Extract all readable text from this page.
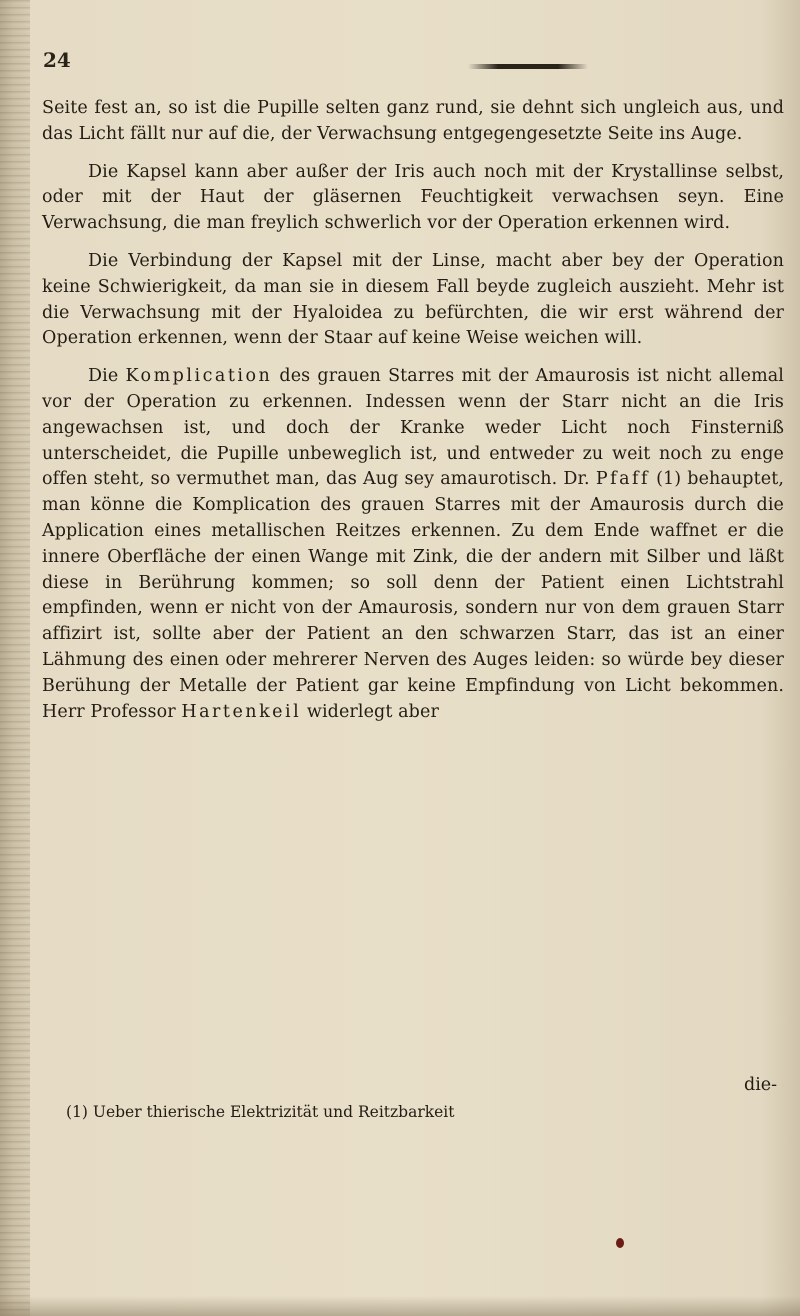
24

Seite fest an, so ist die Pupille selten ganz rund, sie dehnt sich ungleich aus, und das Licht fällt nur auf die, der Verwachsung entgegengesetzte Seite ins Auge.

Die Kapsel kann aber außer der Iris auch noch mit der Krystallinse selbst, oder mit der Haut der gläsernen Feuchtigkeit verwachsen seyn. Eine Verwachsung, die man freylich schwerlich vor der Operation erkennen wird.

Die Verbindung der Kapsel mit der Linse, macht aber bey der Operation keine Schwierigkeit, da man sie in diesem Fall beyde zugleich auszieht. Mehr ist die Verwachsung mit der Hyaloidea zu befürchten, die wir erst während der Operation erkennen, wenn der Staar auf keine Weise weichen will.

Die Komplication des grauen Starres mit der Amaurosis ist nicht allemal vor der Operation zu erkennen. Indessen wenn der Starr nicht an die Iris angewachsen ist, und doch der Kranke weder Licht noch Finsterniß unterscheidet, die Pupille unbeweglich ist, und entweder zu weit noch zu enge offen steht, so vermuthet man, das Aug sey amaurotisch. Dr. Pfaff (1) behauptet, man könne die Komplication des grauen Starres mit der Amaurosis durch die Application eines metallischen Reitzes erkennen. Zu dem Ende waffnet er die innere Oberfläche der einen Wange mit Zink, die der andern mit Silber und läßt diese in Berührung kommen; so soll denn der Patient einen Lichtstrahl empfinden, wenn er nicht von der Amaurosis, sondern nur von dem grauen Starr affizirt ist, sollte aber der Patient an den schwarzen Starr, das ist an einer Lähmung des einen oder mehrerer Nerven des Auges leiden: so würde bey dieser Berühung der Metalle der Patient gar keine Empfindung von Licht bekommen. Herr Professor Hartenkeil widerlegt aber

die-
(1) Ueber thierische Elektrizität und Reitzbarkeit
